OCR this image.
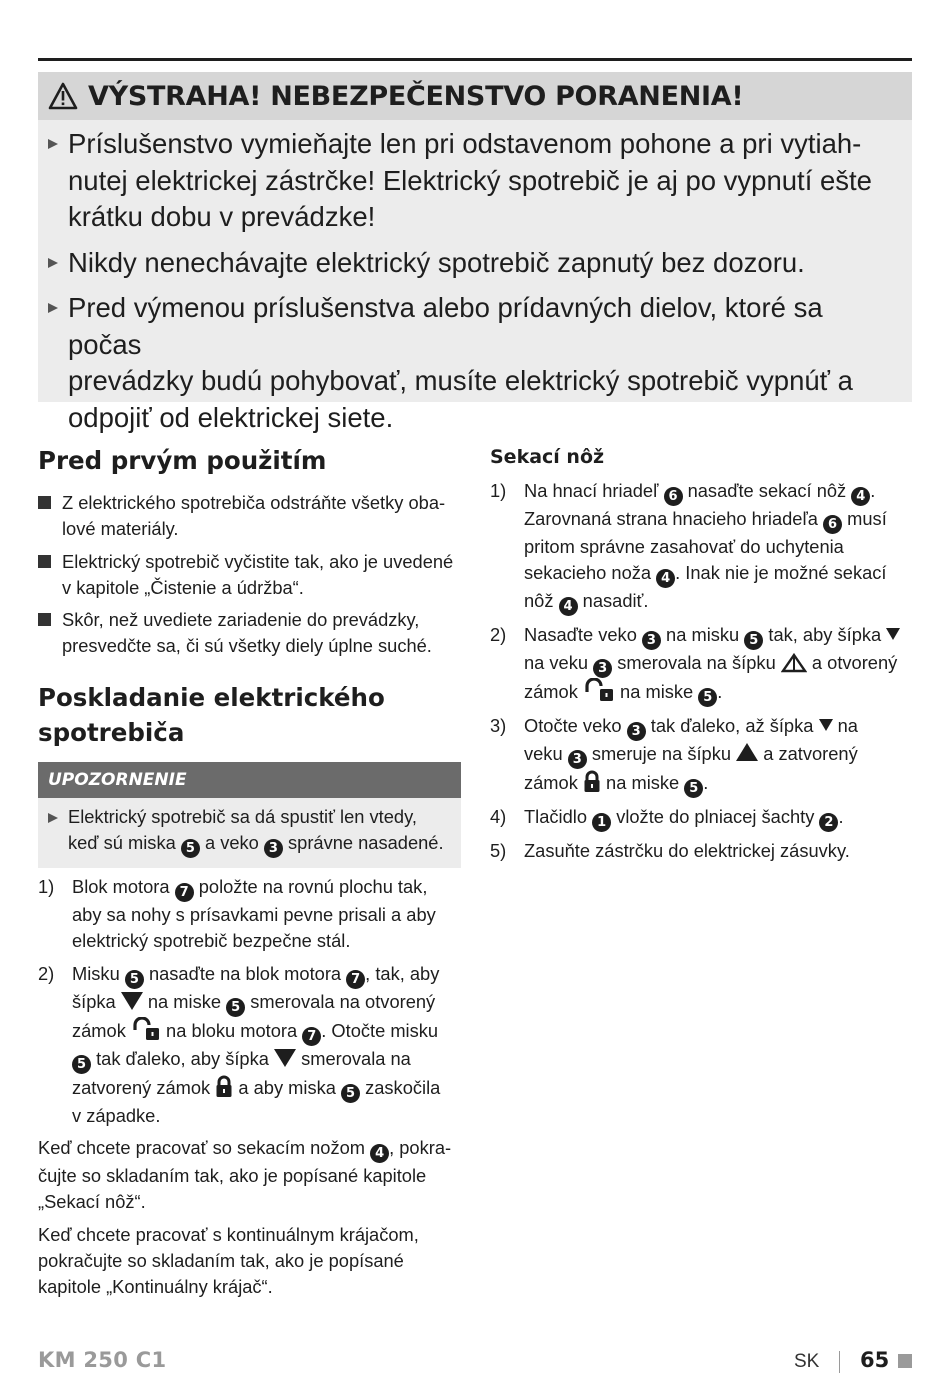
VÝSTRAHA! NEBEZPEČENSTVO PORANENIA!
Príslušenstvo vymieňajte len pri odstavenom pohone a pri vytiah-
nutej elektrickej zástrčke! Elektrický spotrebič je aj po vypnutí ešte
krátku dobu v prevádzke!
Nikdy nenechávajte elektrický spotrebič zapnutý bez dozoru.
Pred výmenou príslušenstva alebo prídavných dielov, ktoré sa počas
prevádzky budú pohybovať, musíte elektrický spotrebič vypnúť a
odpojiť od elektrickej siete.
Pred prvým použitím
Z elektrického spotrebiča odstráňte všetky oba-
lové materiály.
Elektrický spotrebič vyčistite tak, ako je uvedené
v kapitole „Čistenie a údržba“.
Skôr, než uvediete zariadenie do prevádzky,
presvedčte sa, či sú všetky diely úplne suché.
Poskladanie elektrického spotrebiča
UPOZORNENIE
Elektrický spotrebič sa dá spustiť len vtedy,
keď sú miska 5 a veko 3 správne nasadené.
1) Blok motora 7 položte na rovnú plochu tak,
aby sa nohy s prísavkami pevne prisali a aby
elektrický spotrebič bezpečne stál.
2) Misku 5 nasaďte na blok motora 7 , tak, aby
šípka na miske 5 smerovala na otvorený
zámok na bloku motora 7 . Otočte misku
5 tak ďaleko, aby šípka smerovala na
zatvorený zámok a aby miska 5 zaskočila
v západke.

Keď chcete pracovať so sekacím nožom 4 , pokra-
čujte so skladaním tak, ako je popísané kapitole
„Sekací nôž“.

Keď chcete pracovať s kontinuálnym krájačom,
pokračujte so skladaním tak, ako je popísané
kapitole „Kontinuálny krájač“.

Sekací nôž
1) Na hnací hriadeľ 6 nasaďte sekací nôž 4 .
Zarovnaná strana hnacieho hriadeľa 6 musí
pritom správne zasahovať do uchytenia
sekacieho noža 4 . Inak nie je možné sekací
nôž 4 nasadiť.
2) Nasaďte veko 3 na misku 5 tak, aby šípka
na veku 3 smerovala na šípku a otvorený
zámok na miske 5 .
3) Otočte veko 3 tak ďaleko, až šípka na
veku 3 smeruje na šípku a zatvorený
zámok na miske 5 .
4) Tlačidlo 1 vložte do plniacej šachty 2 .
5) Zasuňte zástrčku do elektrickej zásuvky.
KM 250 C1	SK 65
